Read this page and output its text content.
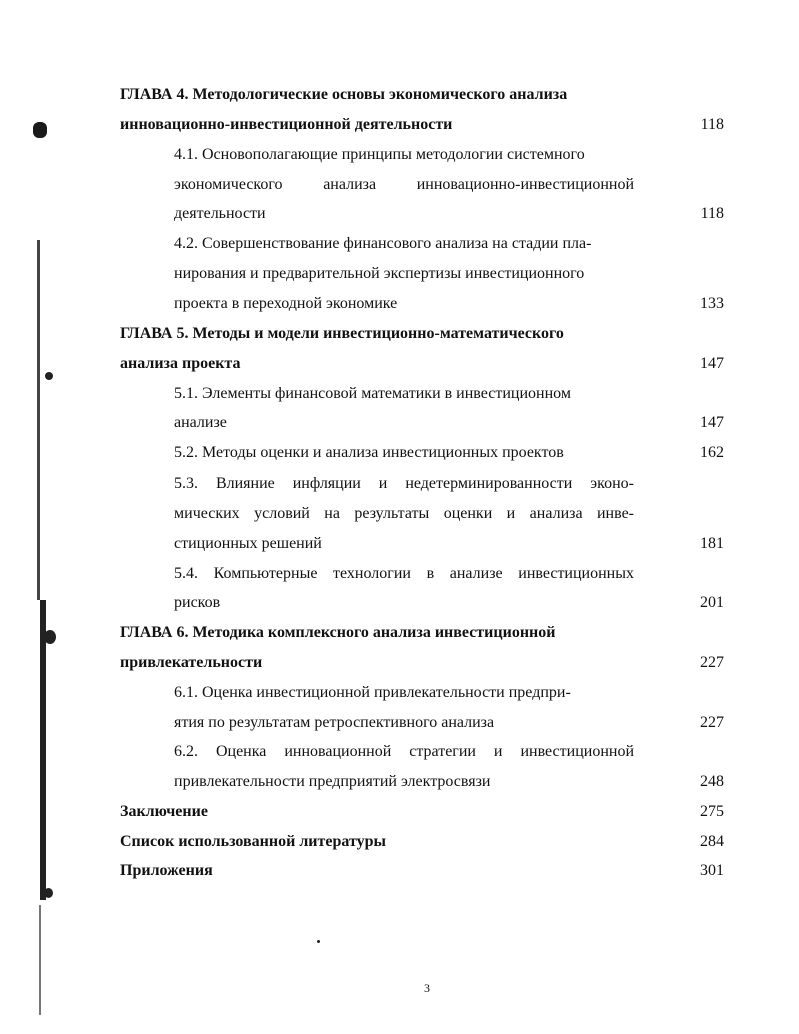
ГЛАВА 4. Методологические основы экономического анализа
инновационно-инвестиционной деятельности	118
4.1. Основополагающие принципы методологии системного
экономического анализа инновационно-инвестиционной
деятельности	118
4.2. Совершенствование финансового анализа на стадии пла-
нирования и предварительной экспертизы инвестиционного
проекта в переходной экономике	133
ГЛАВА 5. Методы и модели инвестиционно-математического
анализа проекта	147
5.1. Элементы финансовой математики в инвестиционном
анализе	147
5.2. Методы оценки и анализа инвестиционных проектов	162
5.3. Влияние инфляции и недетерминированности эконо-
мических условий на результаты оценки и анализа инве-
стиционных решений	181
5.4. Компьютерные технологии в анализе инвестиционных
рисков	201
ГЛАВА 6. Методика комплексного анализа инвестиционной
привлекательности	227
6.1. Оценка инвестиционной привлекательности предпри-
ятия по результатам ретроспективного анализа	227
6.2. Оценка инновационной стратегии и инвестиционной
привлекательности предприятий электросвязи	248
Заключение	275
Список использованной литературы	284
Приложения	301
3
